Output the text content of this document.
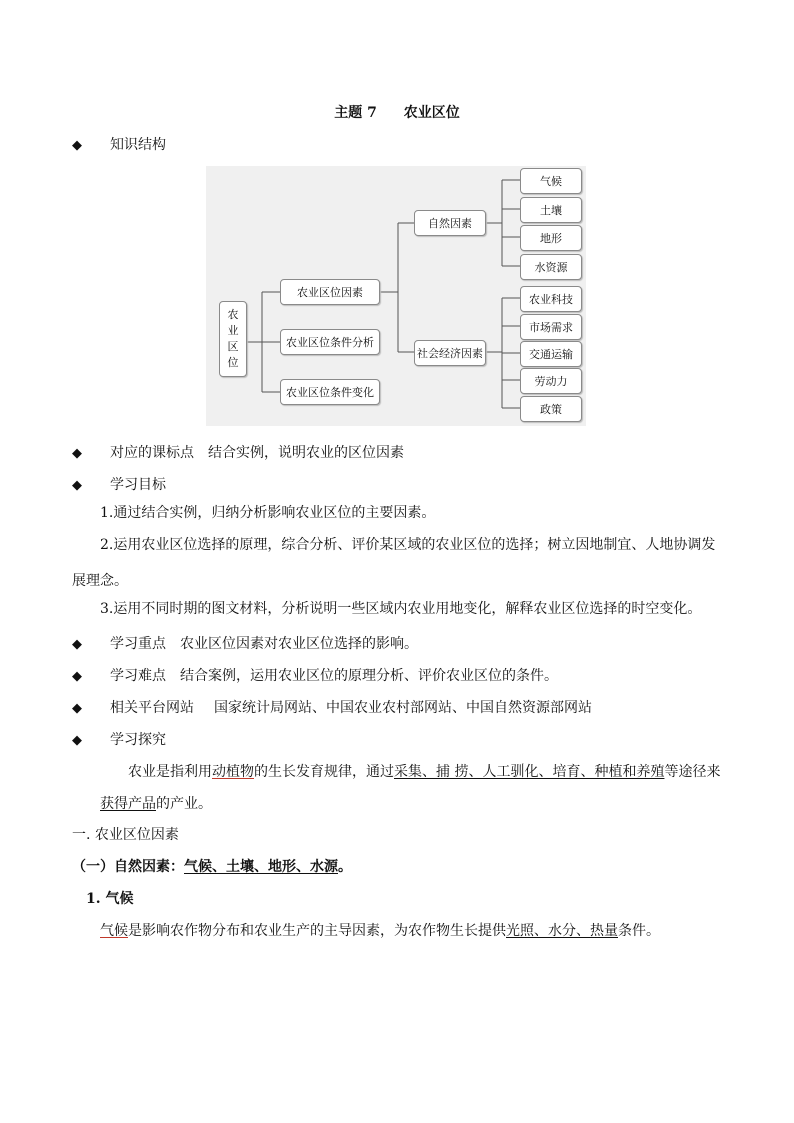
主题 7 农业区位
◆ 知识结构
农
业
区
位
农业区位因素
农业区位条件分析
农业区位条件变化
自然因素
社会经济因素
气候
土壤
地形
水资源
农业科技
市场需求
交通运输
劳动力
政策
◆ 对应的课标点 结合实例，说明农业的区位因素
◆ 学习目标
1.通过结合实例，归纳分析影响农业区位的主要因素。
2.运用农业区位选择的原理，综合分析、评价某区域的农业区位的选择；树立因地制宜、人地协调发
展理念。
3.运用不同时期的图文材料，分析说明一些区域内农业用地变化，解释农业区位选择的时空变化。
◆ 学习重点 农业区位因素对农业区位选择的影响。
◆ 学习难点 结合案例，运用农业区位的原理分析、评价农业区位的条件。
◆ 相关平台网站 国家统计局网站、中国农业农村部网站、中国自然资源部网站
◆ 学习探究
农业是指利用动植物的生长发育规律，通过采集、捕 捞、人工驯化、培育、种植和养殖等途径来
获得产品的产业。
一. 农业区位因素
（一）自然因素：气候、土壤、地形、水源。
1. 气候
气候是影响农作物分布和农业生产的主导因素，为农作物生长提供光照、水分、热量条件。
